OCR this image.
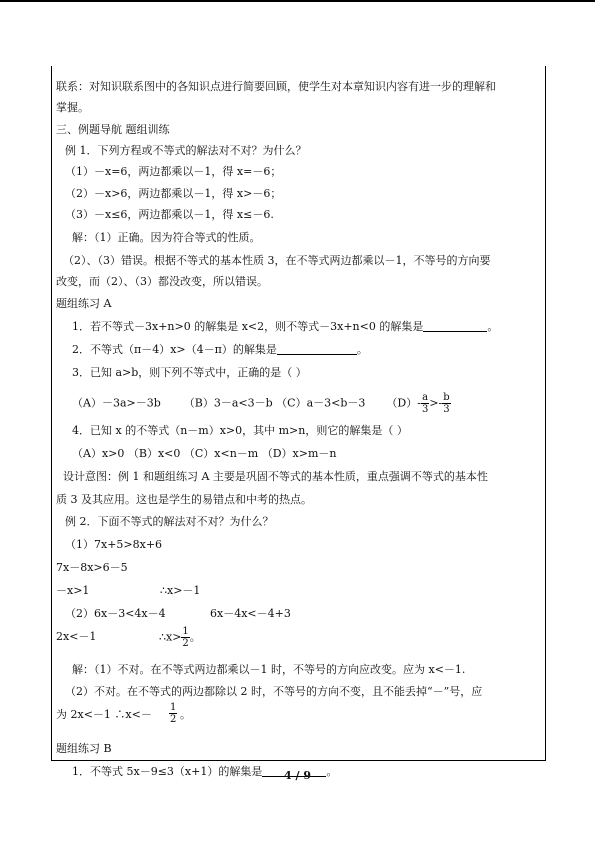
联系：对知识联系图中的各知识点进行简要回顾，使学生对本章知识内容有进一步的理解和
掌握。
三、例题导航 题组训练
例 1．下列方程或不等式的解法对不对？为什么？
（1）－x=6，两边都乘以－1，得 x=－6；
（2）－x>6，两边都乘以－1，得 x>－6；
（3）－x≤6，两边都乘以－1，得 x≤－6.
解：（1）正确。因为符合等式的性质。
（2）、（3）错误。根据不等式的基本性质 3，在不等式两边都乘以－1，不等号的方向要
改变，而（2）、（3）都没改变，所以错误。
题组练习 A
1．若不等式－3x+n>0 的解集是 x<2，则不等式－3x+n<0 的解集是	。
2．不等式（π－4）x>（4－π）的解集是	。
3．已知 a>b，则下列不等式中，正确的是（ ）
（A）－3a>－3b （B）3－a<3－b （C）a－3<b－3 $(D)- \frac{a}{3} >- \frac{b}{3}$
4．已知 x 的不等式（n－m）x>0，其中 m>n，则它的解集是（ ）
（A）x>0 （B）x<0 （C）x<n－m （D）x>m－n
设计意图：例 1 和题组练习 A 主要是巩固不等式的基本性质，重点强调不等式的基本性
质 3 及其应用。这也是学生的易错点和中考的热点。
例 2．下面不等式的解法对不对？为什么？
（1）7x+5>8x+6
7x－8x>6－5
－x>1	∴x>－1
（2）6x－3<4x－4	6x－4x<－4+3
2x<－1	∴x> $\frac{1}{2}$ 。
解：（1）不对。在不等式两边都乘以－1 时，不等号的方向应改变。应为 x<－1.
（2）不对。在不等式的两边都除以 2 时，不等号的方向不变，且不能丢掉“－”号，应
为 2x<－1 ∴x<－ $\frac{1}{2}$ 。
题组练习 B
1．不等式 5x－9≤3（x+1）的解集是	。
4 / 9
